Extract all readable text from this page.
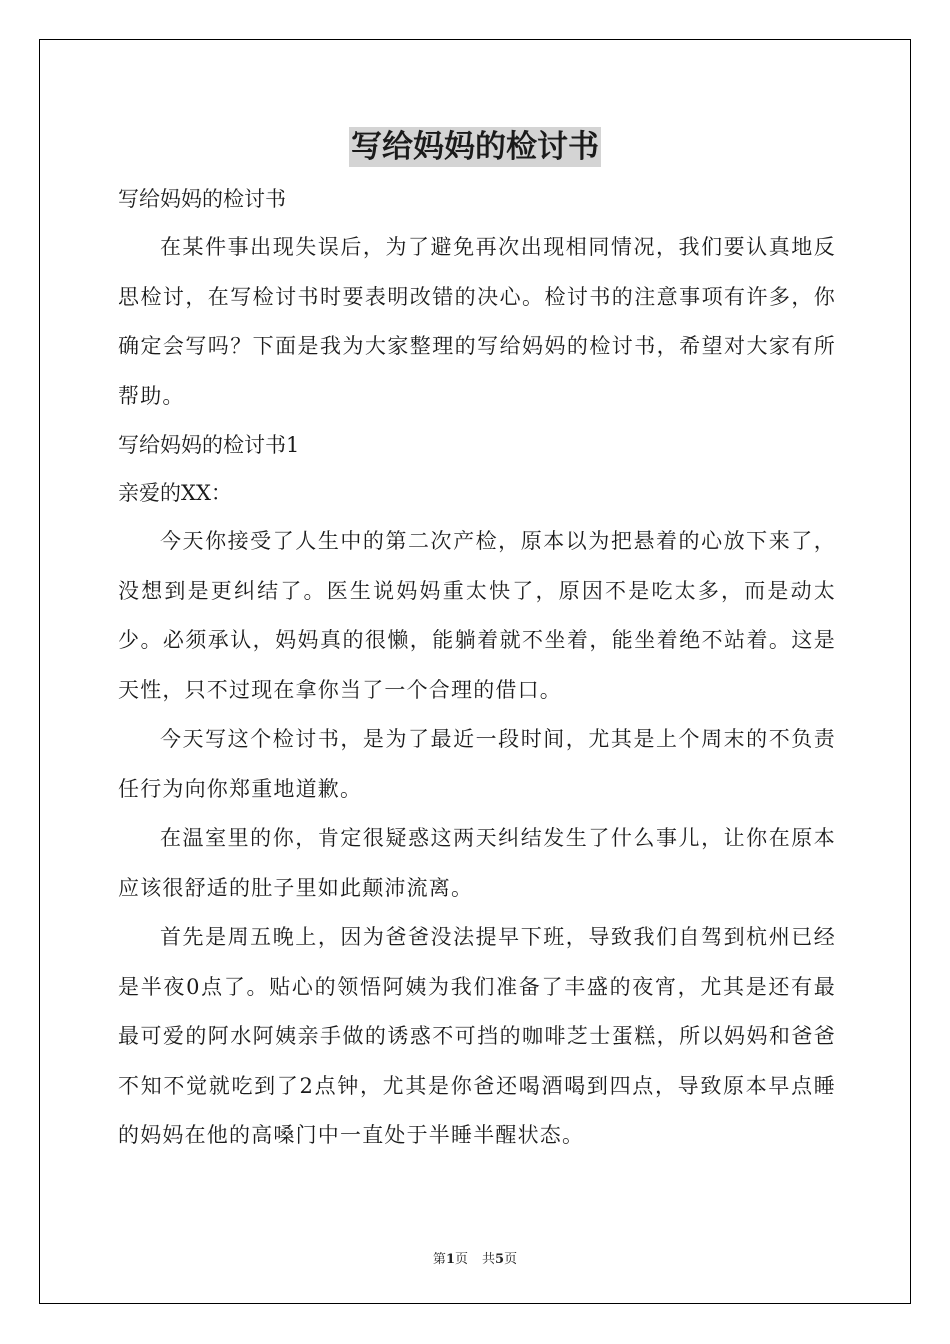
写给妈妈的检讨书

写给妈妈的检讨书

在某件事出现失误后，为了避免再次出现相同情况，我们要认真地反思检讨，在写检讨书时要表明改错的决心。检讨书的注意事项有许多，你确定会写吗？下面是我为大家整理的写给妈妈的检讨书，希望对大家有所帮助。

写给妈妈的检讨书1

亲爱的XX：

今天你接受了人生中的第二次产检，原本以为把悬着的心放下来了，没想到是更纠结了。医生说妈妈重太快了，原因不是吃太多，而是动太少。必须承认，妈妈真的很懒，能躺着就不坐着，能坐着绝不站着。这是天性，只不过现在拿你当了一个合理的借口。

今天写这个检讨书，是为了最近一段时间，尤其是上个周末的不负责任行为向你郑重地道歉。

在温室里的你，肯定很疑惑这两天纠结发生了什么事儿，让你在原本应该很舒适的肚子里如此颠沛流离。

首先是周五晚上，因为爸爸没法提早下班，导致我们自驾到杭州已经是半夜0点了。贴心的领悟阿姨为我们准备了丰盛的夜宵，尤其是还有最最可爱的阿水阿姨亲手做的诱惑不可挡的咖啡芝士蛋糕，所以妈妈和爸爸不知不觉就吃到了2点钟，尤其是你爸还喝酒喝到四点，导致原本早点睡的妈妈在他的高嗓门中一直处于半睡半醒状态。

第1页 共5页
